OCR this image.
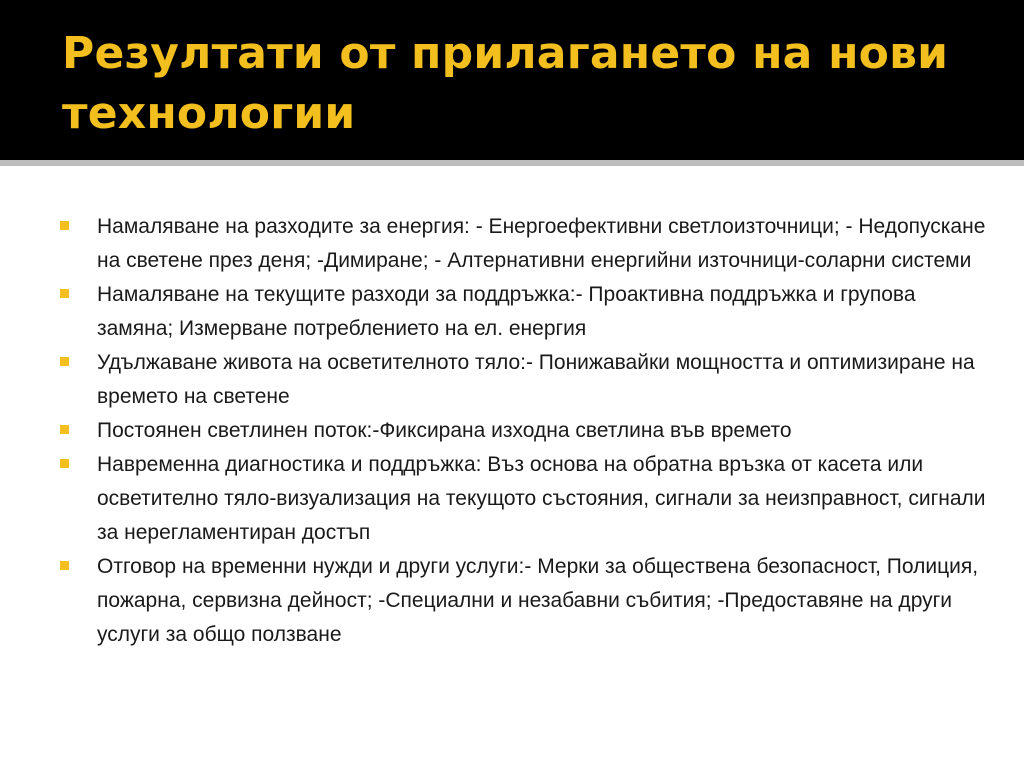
Резултати от прилагането на нови технологии
Намаляване на разходите за енергия: - Енергоефективни светлоизточници; - Недопускане на светене през деня; -Димиране; - Алтернативни енергийни източници-соларни системи
Намаляване на текущите разходи за поддръжка:- Проактивна поддръжка и групова замяна; Измерване потреблението на ел. енергия
Удължаване живота на осветителното тяло:- Понижавайки мощността и оптимизиране на времето на светене
Постоянен светлинен поток:-Фиксирана изходна светлина във времето
Навременна диагностика и поддръжка: Въз основа на обратна връзка от касета или осветително тяло-визуализация на текущото състояния, сигнали за неизправност, сигнали за нерегламентиран достъп
Отговор на временни нужди и други услуги:- Мерки за обществена безопасност, Полиция, пожарна, сервизна дейност; -Специални и незабавни събития; -Предоставяне на други услуги за общо ползване
